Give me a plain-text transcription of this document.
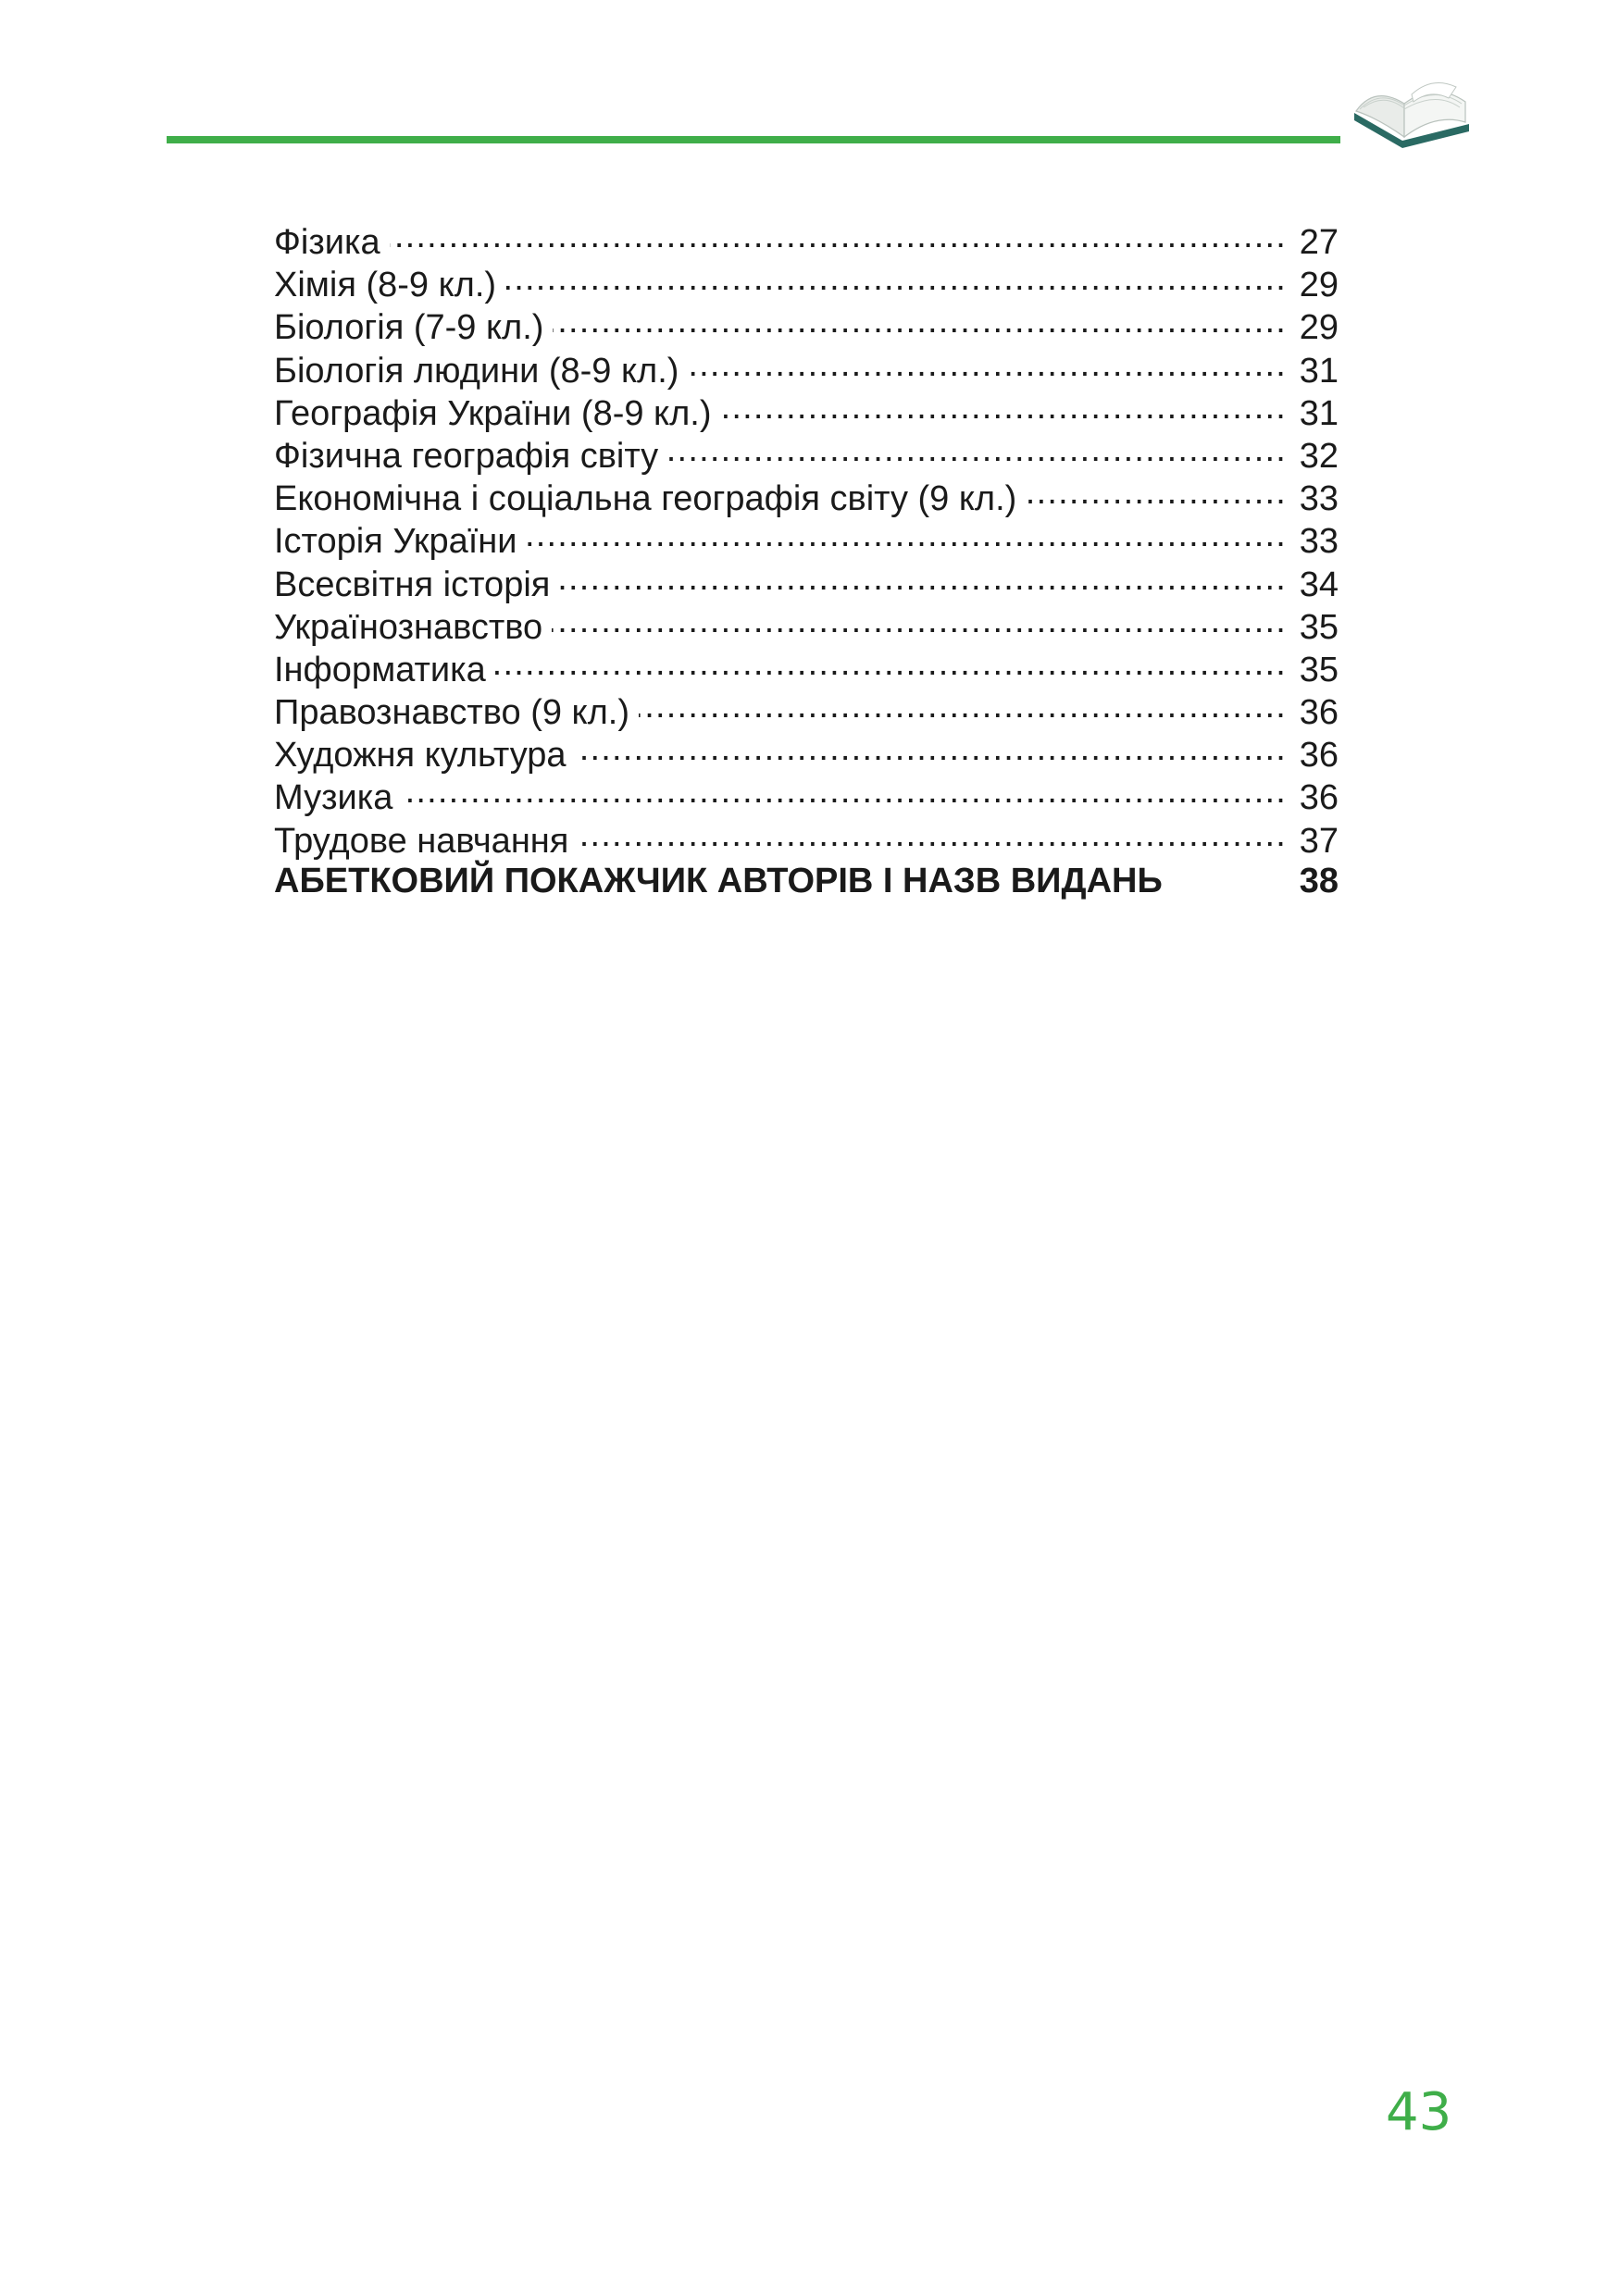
Фізика .....	27
Хімія (8-9 кл.) .....	29
Біологія (7-9 кл.) .....	29
Біологія людини (8-9 кл.) .....	31
Географія України (8-9 кл.) .....	31
Фізична географія світу .....	32
Економічна і соціальна географія світу (9 кл.) .....	33
Історія України .....	33
Всесвітня історія .....	34
Українознавство .....	35
Інформатика .....	35
Правознавство (9 кл.) .....	36
Художня культура .....	36
Музика .....	36
Трудове навчання .....	37
АБЕТКОВИЙ ПОКАЖЧИК АВТОРІВ І НАЗВ ВИДАНЬ	38
43
